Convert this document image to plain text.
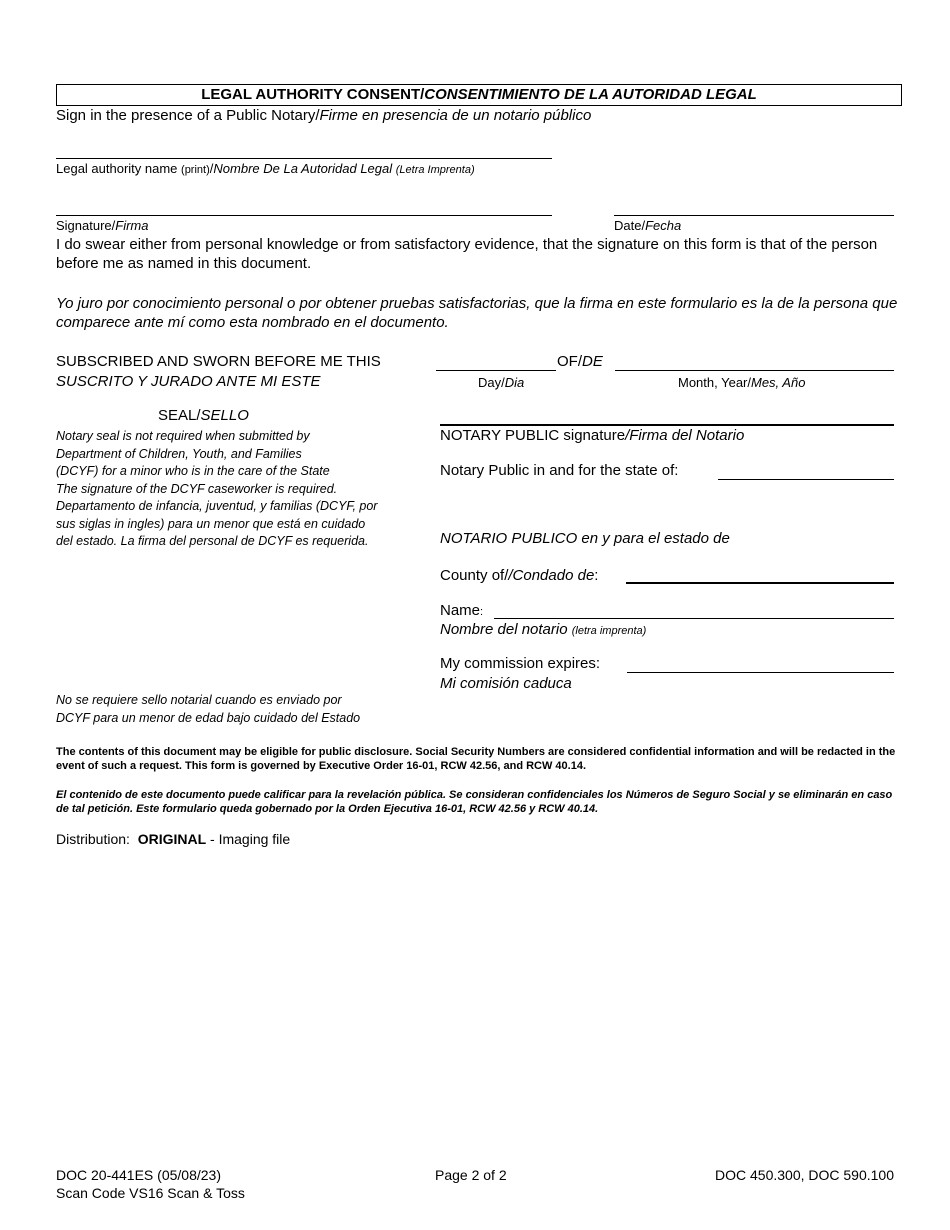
LEGAL AUTHORITY CONSENT/CONSENTIMIENTO DE LA AUTORIDAD LEGAL
Sign in the presence of a Public Notary/Firme en presencia de un notario público
Legal authority name (print)/Nombre De La Autoridad Legal (Letra Imprenta)
Signature/Firma	Date/Fecha
I do swear either from personal knowledge or from satisfactory evidence, that the signature on this form is that of the person before me as named in this document.
Yo juro por conocimiento personal o por obtener pruebas satisfactorias, que la firma en este formulario es la de la persona que comparece ante mí como esta nombrado en el documento.
SUBSCRIBED AND SWORN BEFORE ME THIS
SUSCRITO Y JURADO ANTE MI ESTE
OF/DE
Day/Dia	Month, Year/Mes, Año
SEAL/SELLO
Notary seal is not required when submitted by
Department of Children, Youth, and Families
(DCYF) for a minor who is in the care of the State
The signature of the DCYF caseworker is required.
Departamento de infancia, juventud, y familias (DCYF, por
sus siglas in ingles) para un menor que está en cuidado
del estado. La firma del personal de DCYF es requerida.
No se requiere sello notarial cuando es enviado por
DCYF para un menor de edad bajo cuidado del Estado
NOTARY PUBLIC signature/Firma del Notario
Notary Public in and for the state of:
NOTARIO PUBLICO en y para el estado de
County of//Condado de:
Name:
Nombre del notario (letra imprenta)
My commission expires:
Mi comisión caduca
The contents of this document may be eligible for public disclosure. Social Security Numbers are considered confidential information and will be redacted in the event of such a request. This form is governed by Executive Order 16-01, RCW 42.56, and RCW 40.14.
El contenido de este documento puede calificar para la revelación pública. Se consideran confidenciales los Números de Seguro Social y se eliminarán en caso de tal petición. Este formulario queda gobernado por la Orden Ejecutiva 16-01, RCW 42.56 y RCW 40.14.
Distribution:  ORIGINAL - Imaging file
DOC 20-441ES (05/08/23)
Scan Code VS16 Scan & Toss
Page 2 of 2	DOC 450.300, DOC 590.100
